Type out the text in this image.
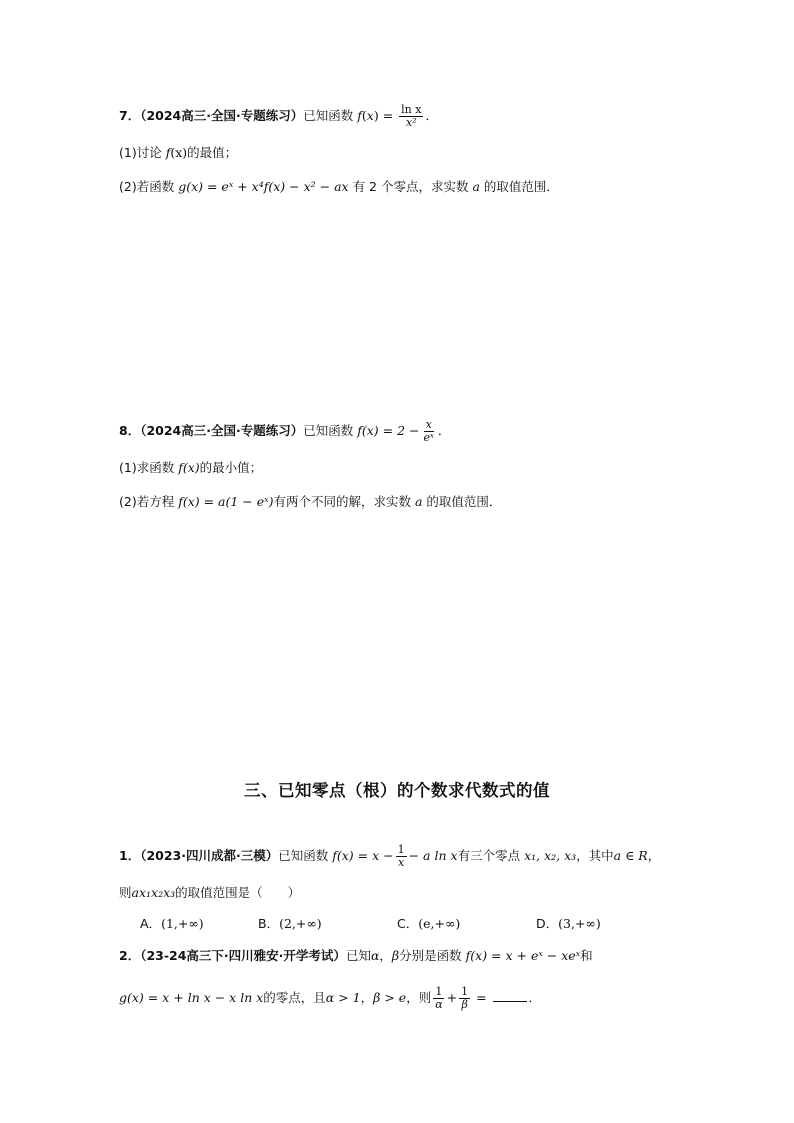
7．（2024高三·全国·专题练习）已知函数 $f(x) = \frac{\text{ln x}}{\text{x²}}$ ．
(1)讨论 f(x)的最值；
(2)若函数 g(x) = eˣ + x⁴f(x) − x² − ax 有 2 个零点，求实数 a 的取值范围．
8．（2024高三·全国·专题练习）已知函数 $f(x) = 2 - \frac{x}{\text{eˣ}}$ ．
(1)求函数 f(x)的最小值；
(2)若方程 f(x) = a(1 − eˣ)有两个不同的解，求实数 a 的取值范围．
三、已知零点（根）的个数求代数式的值
1．（2023·四川成都·三模）已知函数 $f(x) = x - \frac{1}{x} - a$ ln x有三个零点 x₁, x₂, x₃，其中a ∈ R，
则ax₁x₂x₃的取值范围是（　　）
A．(1,+∞)	B．(2,+∞)	C．(e,+∞)	D．(3,+∞)
2．（23-24高三下·四川雅安·开学考试）已知α，β分别是函数 f(x) = x + eˣ − xeˣ和
g(x) = x + ln x − x ln x的零点，且α > 1，β > e，则 $\frac{1}{\alpha} + \frac{1}{\beta}$ =	．
